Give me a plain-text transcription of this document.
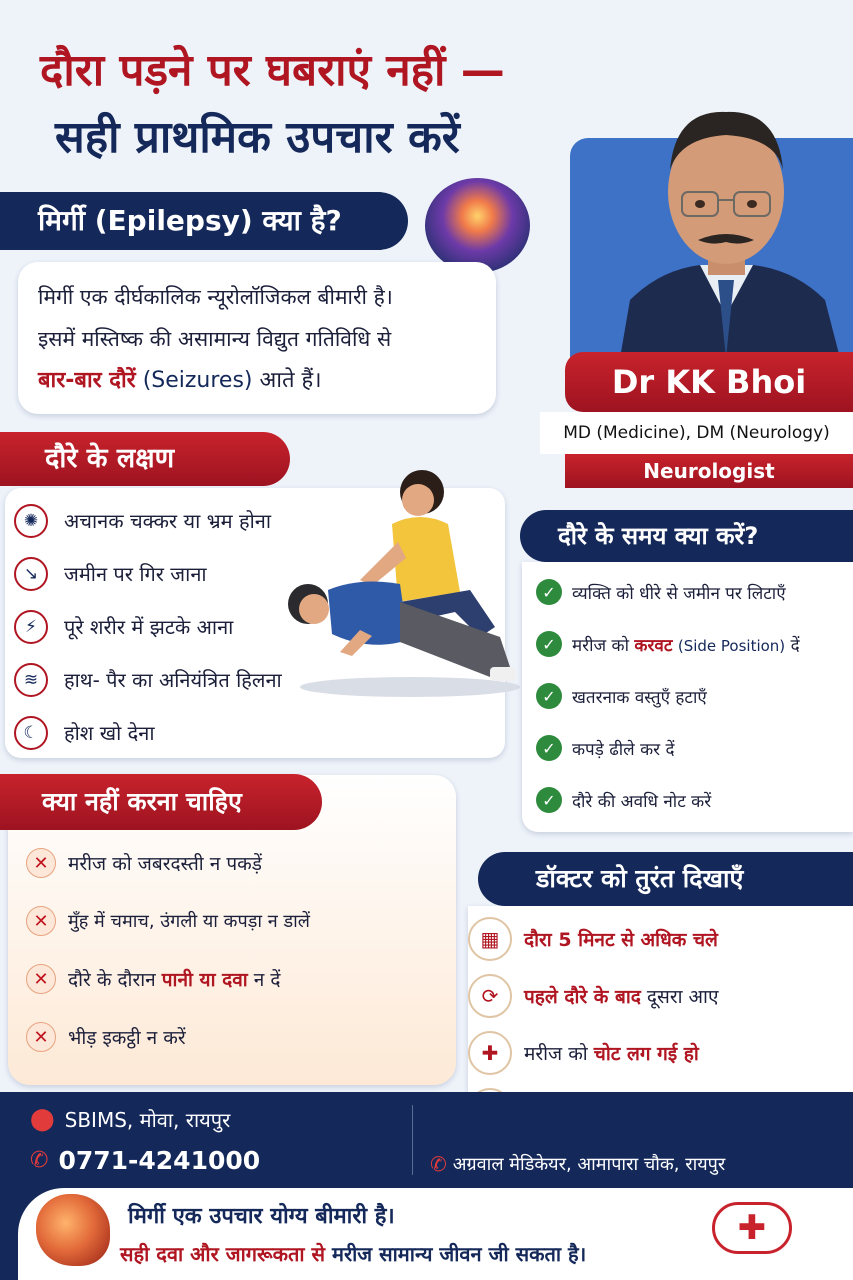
दौरा पड़ने पर घबराएं नहीं —
सही प्राथमिक उपचार करें
Dr KK Bhoi
MD (Medicine), DM (Neurology)
Neurologist
मिर्गी (Epilepsy) क्या है?
मिर्गी एक दीर्घकालिक न्यूरोलॉजिकल बीमारी है।
इसमें मस्तिष्क की असामान्य विद्युत गतिविधि से
बार-बार दौरें (Seizures) आते हैं।
दौरे के लक्षण
✺	अचानक चक्कर या भ्रम होना
↘	जमीन पर गिर जाना
⚡	पूरे शरीर में झटके आना
≋	हाथ- पैर का अनियंत्रित हिलना
☾	होश खो देना
दौरे के समय क्या करें?
✓ व्यक्ति को धीरे से जमीन पर लिटाएँ
✓ मरीज को करवट (Side Position) दें
✓ खतरनाक वस्तुएँ हटाएँ
✓ कपड़े ढीले कर दें
✓ दौरे की अवधि नोट करें
क्या नहीं करना चाहिए
✕	मरीज को जबरदस्ती न पकड़ें
✕	मुँह में चमाच, उंगली या कपड़ा न डालें
✕	दौरे के दौरान पानी या दवा न दें
✕	भीड़ इकट्ठी न करें
डॉक्टर को तुरंत दिखाएँ
▦	दौरा 5 मिनट से अधिक चले
⟳	पहले दौरे के बाद दूसरा आए
✚	मरीज को चोट लग गई हो
⬤ SBIMS, मोवा, रायपुर
✆ 0771-4241000	✆ अग्रवाल मेडिकेयर, आमापारा चौक, रायपुर
मिर्गी एक उपचार योग्य बीमारी है।
सही दवा और जागरूकता से मरीज सामान्य जीवन जी सकता है।
✚
